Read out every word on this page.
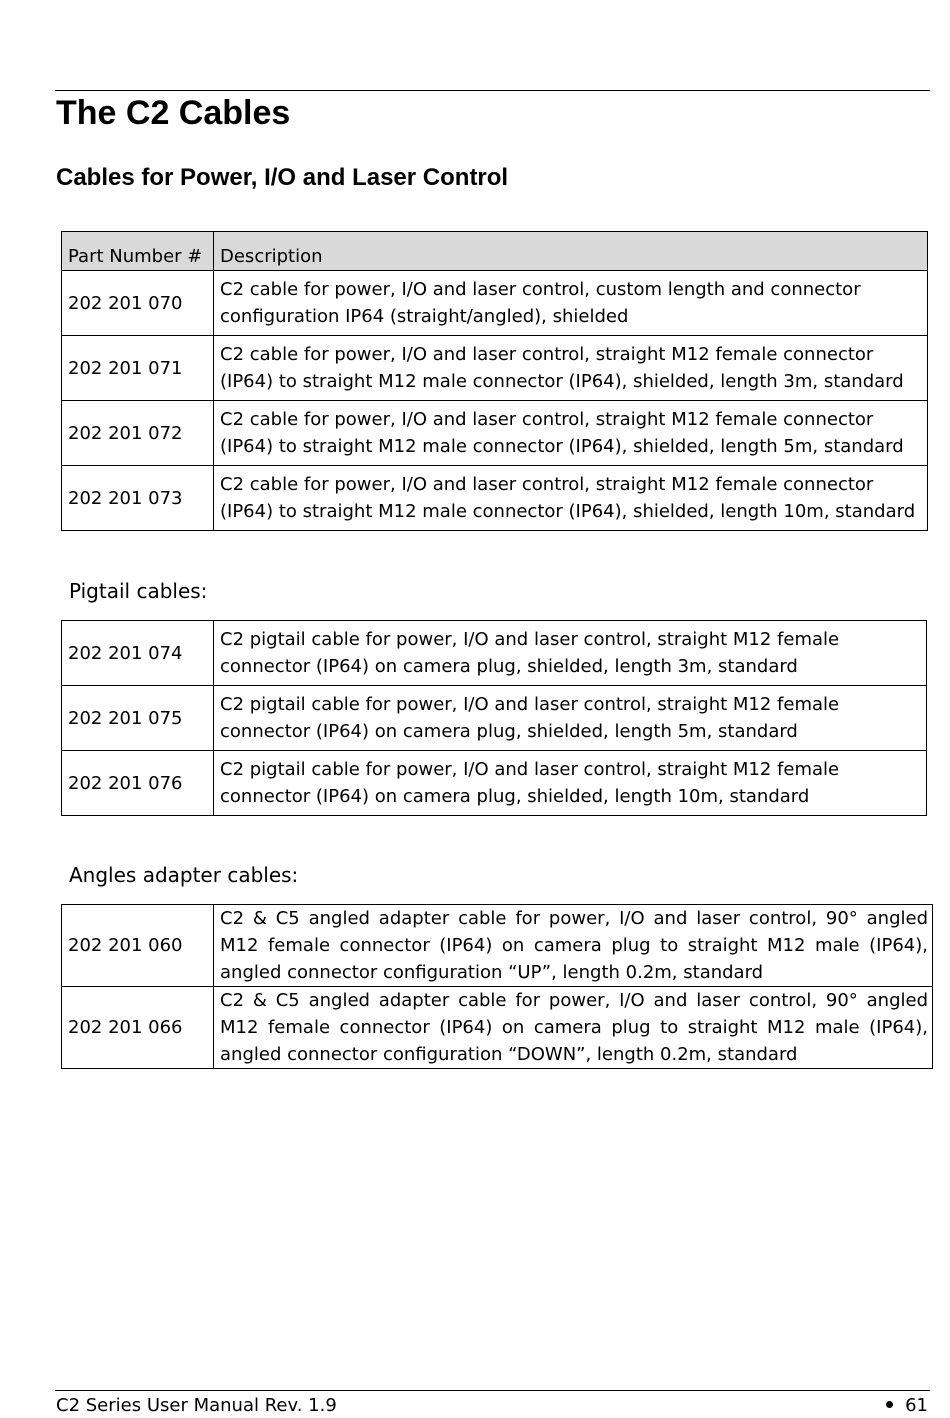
The C2 Cables
Cables for Power, I/O and Laser Control
Part Number #	Description
202 201 070	C2 cable for power, I/O and laser control, custom length and connector configuration IP64 (straight/angled), shielded
202 201 071	C2 cable for power, I/O and laser control, straight M12 female connector (IP64) to straight M12 male connector (IP64), shielded, length 3m, standard
202 201 072	C2 cable for power, I/O and laser control, straight M12 female connector (IP64) to straight M12 male connector (IP64), shielded, length 5m, standard
202 201 073	C2 cable for power, I/O and laser control, straight M12 female connector (IP64) to straight M12 male connector (IP64), shielded, length 10m, standard
Pigtail cables:
202 201 074	C2 pigtail cable for power, I/O and laser control, straight M12 female connector (IP64) on camera plug, shielded, length 3m, standard
202 201 075	C2 pigtail cable for power, I/O and laser control, straight M12 female connector (IP64) on camera plug, shielded, length 5m, standard
202 201 076	C2 pigtail cable for power, I/O and laser control, straight M12 female connector (IP64) on camera plug, shielded, length 10m, standard
Angles adapter cables:
202 201 060	C2 & C5 angled adapter cable for power, I/O and laser control, 90° angled M12 female connector (IP64) on camera plug to straight M12 male (IP64), angled connector configuration “UP”, length 0.2m, standard
202 201 066	C2 & C5 angled adapter cable for power, I/O and laser control, 90° angled M12 female connector (IP64) on camera plug to straight M12 male (IP64), angled connector configuration “DOWN”, length 0.2m, standard
C2 Series User Manual Rev. 1.9	61
